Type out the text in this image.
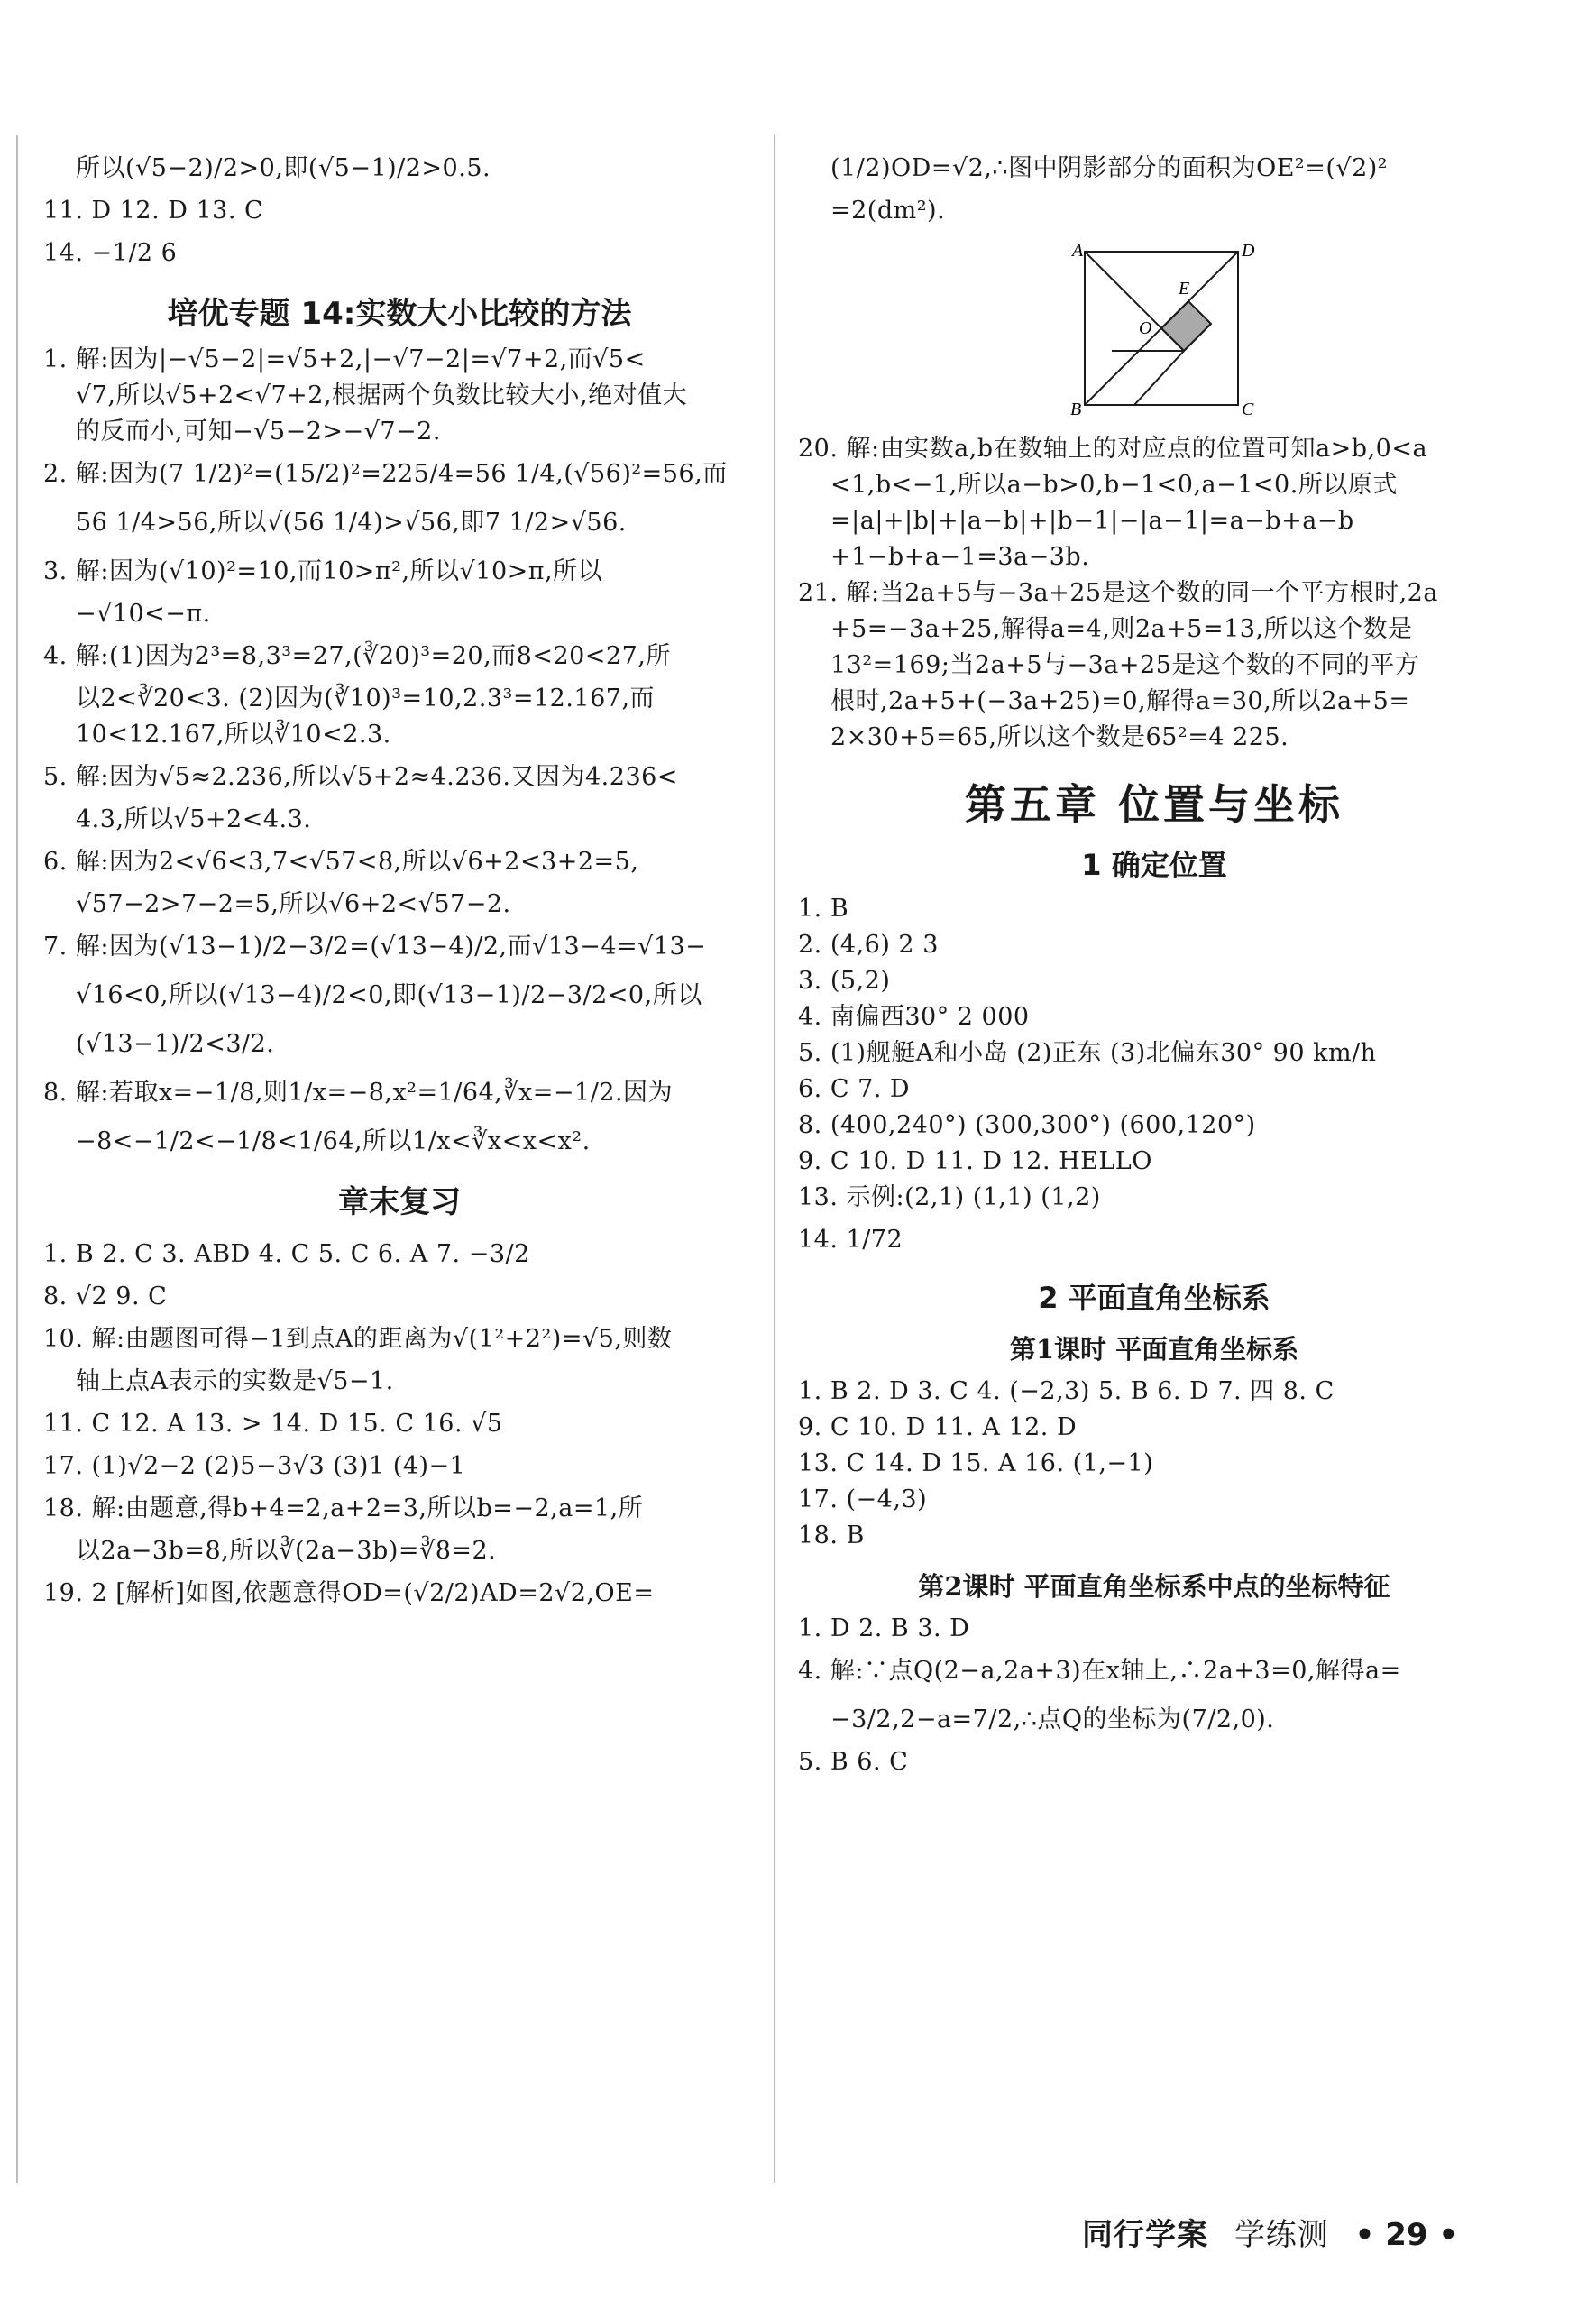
所以(√5−2)/2>0,即(√5−1)/2>0.5.
11. D 12. D 13. C
14. −1/2 6
培优专题 14:实数大小比较的方法
1. 解:因为|−√5−2|=√5+2,|−√7−2|=√7+2,而√5<
√7,所以√5+2<√7+2,根据两个负数比较大小,绝对值大
的反而小,可知−√5−2>−√7−2.
2. 解:因为(7 1/2)²=(15/2)²=225/4=56 1/4,(√56)²=56,而
56 1/4>56,所以√(56 1/4)>√56,即7 1/2>√56.
3. 解:因为(√10)²=10,而10>π²,所以√10>π,所以
−√10<−π.
4. 解:(1)因为2³=8,3³=27,(∛20)³=20,而8<20<27,所
以2<∛20<3. (2)因为(∛10)³=10,2.3³=12.167,而
10<12.167,所以∛10<2.3.
5. 解:因为√5≈2.236,所以√5+2≈4.236.又因为4.236<
4.3,所以√5+2<4.3.
6. 解:因为2<√6<3,7<√57<8,所以√6+2<3+2=5,
√57−2>7−2=5,所以√6+2<√57−2.
7. 解:因为(√13−1)/2−3/2=(√13−4)/2,而√13−4=√13−
√16<0,所以(√13−4)/2<0,即(√13−1)/2−3/2<0,所以
(√13−1)/2<3/2.
8. 解:若取x=−1/8,则1/x=−8,x²=1/64,∛x=−1/2.因为
−8<−1/2<−1/8<1/64,所以1/x<∛x<x<x².
章末复习
1. B 2. C 3. ABD 4. C 5. C 6. A 7. −3/2
8. √2 9. C
10. 解:由题图可得−1到点A的距离为√(1²+2²)=√5,则数
轴上点A表示的实数是√5−1.
11. C 12. A 13. > 14. D 15. C 16. √5
17. (1)√2−2 (2)5−3√3 (3)1 (4)−1
18. 解:由题意,得b+4=2,a+2=3,所以b=−2,a=1,所
以2a−3b=8,所以∛(2a−3b)=∛8=2.
19. 2 [解析]如图,依题意得OD=(√2/2)AD=2√2,OE=
(1/2)OD=√2,∴图中阴影部分的面积为OE²=(√2)²
=2(dm²).
A	D
E
O
B	C
20. 解:由实数a,b在数轴上的对应点的位置可知a>b,0<a
<1,b<−1,所以a−b>0,b−1<0,a−1<0.所以原式
=|a|+|b|+|a−b|+|b−1|−|a−1|=a−b+a−b
+1−b+a−1=3a−3b.
21. 解:当2a+5与−3a+25是这个数的同一个平方根时,2a
+5=−3a+25,解得a=4,则2a+5=13,所以这个数是
13²=169;当2a+5与−3a+25是这个数的不同的平方
根时,2a+5+(−3a+25)=0,解得a=30,所以2a+5=
2×30+5=65,所以这个数是65²=4 225.
第五章 位置与坐标
1 确定位置
1. B
2. (4,6) 2 3
3. (5,2)
4. 南偏西30° 2 000
5. (1)舰艇A和小岛 (2)正东 (3)北偏东30° 90 km/h
6. C 7. D
8. (400,240°) (300,300°) (600,120°)
9. C 10. D 11. D 12. HELLO
13. 示例:(2,1) (1,1) (1,2)
14. 1/72
2 平面直角坐标系
第1课时 平面直角坐标系
1. B 2. D 3. C 4. (−2,3) 5. B 6. D 7. 四 8. C
9. C 10. D 11. A 12. D
13. C 14. D 15. A 16. (1,−1)
17. (−4,3)
18. B
第2课时 平面直角坐标系中点的坐标特征
1. D 2. B 3. D
4. 解:∵点Q(2−a,2a+3)在x轴上,∴2a+3=0,解得a=
−3/2,2−a=7/2,∴点Q的坐标为(7/2,0).
5. B 6. C
同行学案 学练测 • 29 •
